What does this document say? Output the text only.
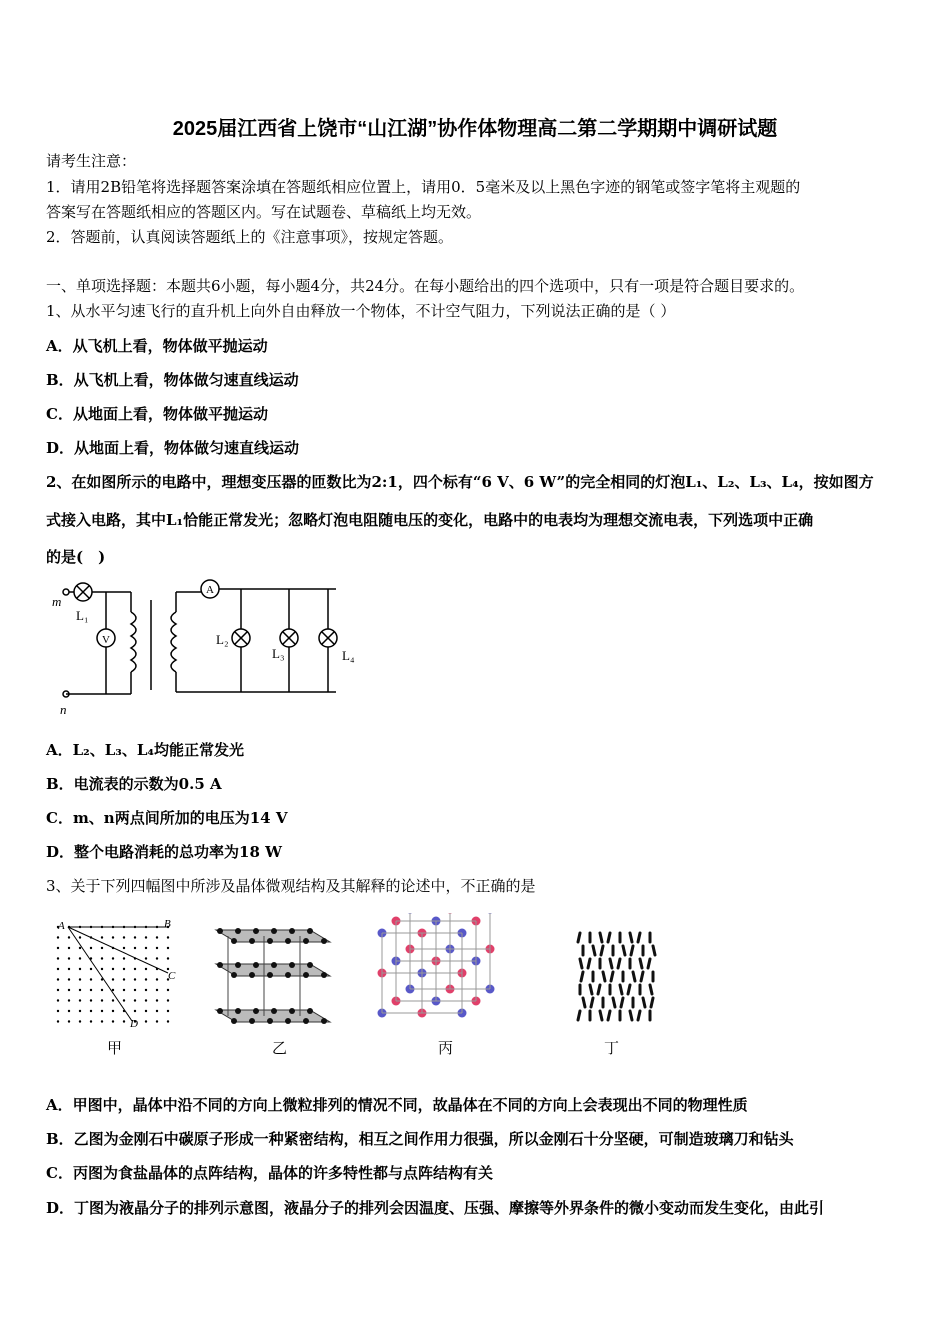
2025届江西省上饶市“山江湖”协作体物理高二第二学期期中调研试题
请考生注意：
1．请用2B铅笔将选择题答案涂填在答题纸相应位置上，请用0．5毫米及以上黑色字迹的钢笔或签字笔将主观题的
答案写在答题纸相应的答题区内。写在试题卷、草稿纸上均无效。
2．答题前，认真阅读答题纸上的《注意事项》，按规定答题。
一、单项选择题：本题共6小题，每小题4分，共24分。在每小题给出的四个选项中，只有一项是符合题目要求的。
1、从水平匀速飞行的直升机上向外自由释放一个物体，不计空气阻力，下列说法正确的是（ ）
A．从飞机上看，物体做平抛运动
B．从飞机上看，物体做匀速直线运动
C．从地面上看，物体做平抛运动
D．从地面上看，物体做匀速直线运动
2、在如图所示的电路中，理想变压器的匝数比为2:1，四个标有“6 V、6 W”的完全相同的灯泡L₁、L₂、L₃、L₄，按如图方
式接入电路，其中L₁恰能正常发光；忽略灯泡电阻随电压的变化，电路中的电表均为理想交流电表，下列选项中正确
的是(　)
m
n
L₁
V
A
L₂
L₃	L₄
A．L₂、L₃、L₄均能正常发光
B．电流表的示数为0.5 A
C．m、n两点间所加的电压为14 V
D．整个电路消耗的总功率为18 W
3、关于下列四幅图中所涉及晶体微观结构及其解释的论述中，不正确的是
A	B
C
D
甲	乙	丙	丁
A．甲图中，晶体中沿不同的方向上微粒排列的情况不同，故晶体在不同的方向上会表现出不同的物理性质
B．乙图为金刚石中碳原子形成一种紧密结构，相互之间作用力很强，所以金刚石十分坚硬，可制造玻璃刀和钻头
C．丙图为食盐晶体的点阵结构，晶体的许多特性都与点阵结构有关
D．丁图为液晶分子的排列示意图，液晶分子的排列会因温度、压强、摩擦等外界条件的微小变动而发生变化，由此引
